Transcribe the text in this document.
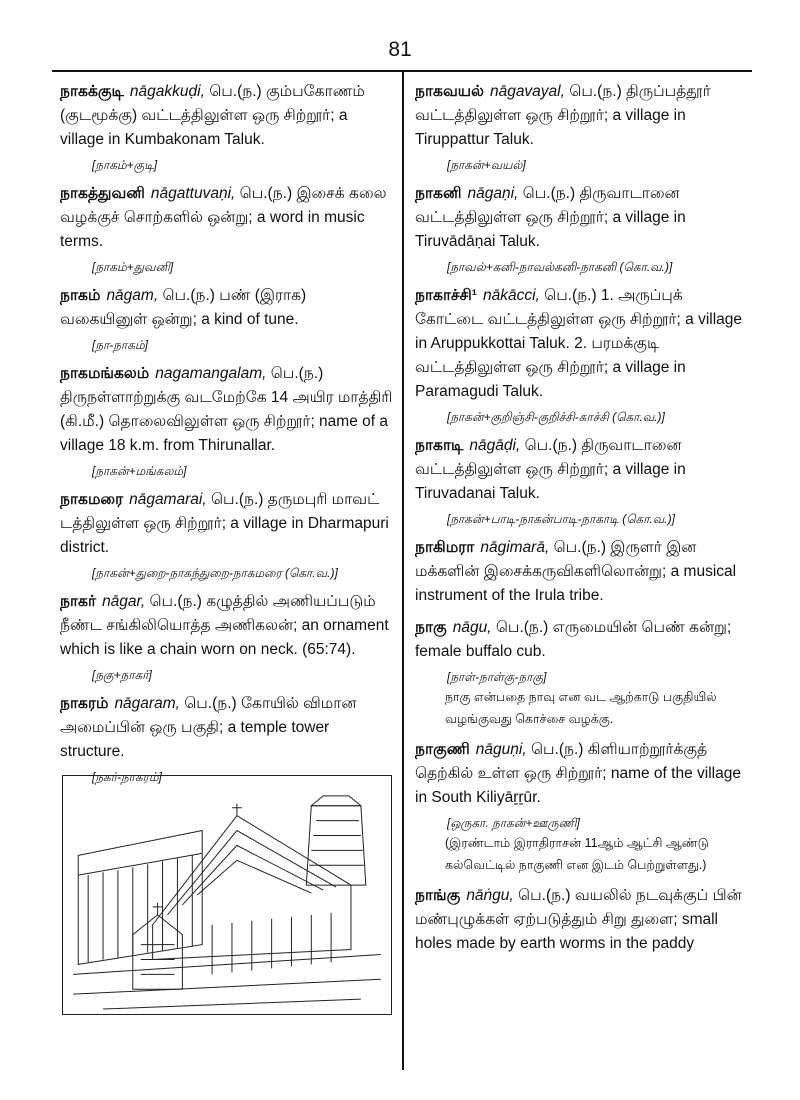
81
நாகக்குடி nāgakkuḍi, பெ.(ந.) கும்பகோணம் (குடமூக்கு) வட்டத்திலுள்ள ஒரு சிற்றூர்; a village in Kumbakonam Taluk.
[நாகம்+குடி]
நாகத்துவனி nāgattuvaṇi, பெ.(ந.) இசைக் கலை வழக்குச் சொற்களில் ஒன்று; a word in music terms.
[நாகம்+துவனி]
நாகம் nāgam, பெ.(ந.) பண் (இராக) வகையினுள் ஒன்று; a kind of tune.
[நா-நாகம்]
நாகமங்கலம் nagamangalam, பெ.(ந.) திருநள்ளாற்றுக்கு வடமேற்கே 14 அயிர மாத்திரி (கி.மீ.) தொலைவிலுள்ள ஒரு சிற்றூர்; name of a village 18 k.m. from Thirunallar.
[நாகன்+மங்கலம்]
நாகமரை nāgamarai, பெ.(ந.) தருமபுரி மாவட் டத்திலுள்ள ஒரு சிற்றூர்; a village in Dharmapuri district.
[நாகன்+துறை-நாகந்துறை-நாகமரை (கொ.வ.)]
நாகர் nāgar, பெ.(ந.) கழுத்தில் அணியப்படும் நீண்ட சங்கிலியொத்த அணிகலன்; an ornament which is like a chain worn on neck. (65:74).
[நகு+நாகர்]
நாகரம் nāgaram, பெ.(ந.) கோயில் விமான அமைப்பின் ஒரு பகுதி; a temple tower structure.
[நகர்-நாகரம்]
நாகவயல் nāgavayal, பெ.(ந.) திருப்பத்தூர் வட்டத்திலுள்ள ஒரு சிற்றூர்; a village in Tiruppattur Taluk.
[நாகன்+வயல்]
நாகனி nāgaṇi, பெ.(ந.) திருவாடானை வட்டத்திலுள்ள ஒரு சிற்றூர்; a village in Tiruvādāṇai Taluk.
[நாவல்+கனி-நாவல்கனி-நாகனி (கொ.வ.)]
நாகாச்சி¹ nākācci, பெ.(ந.) 1. அருப்புக் கோட்டை வட்டத்திலுள்ள ஒரு சிற்றூர்; a village in Aruppukkottai Taluk. 2. பரமக்குடி வட்டத்திலுள்ள ஒரு சிற்றூர்; a village in Paramagudi Taluk.
[நாகன்+குறிஞ்சி-குறிச்சி-காச்சி (கொ.வ.)]
நாகாடி nāgāḍi, பெ.(ந.) திருவாடானை வட்டத்திலுள்ள ஒரு சிற்றூர்; a village in Tiruvadanai Taluk.
[நாகன்+பாடி-நாகன்பாடி-நாகாடி (கொ.வ.)]
நாகிமரா nāgimarā, பெ.(ந.) இருளர் இன மக்களின் இசைக்கருவிகளிலொன்று; a musical instrument of the Irula tribe.
நாகு nāgu, பெ.(ந.) எருமையின் பெண் கன்று; female buffalo cub.
[நாள்-நாள்கு-நாகு]
நாகு என்பதை நாவு என வட ஆற்காடு பகுதியில் வழங்குவது கொச்சை வழக்கு.
நாகுணி nāguṇi, பெ.(ந.) கிளியாற்றூர்க்குத் தெற்கில் உள்ள ஒரு சிற்றூர்; name of the village in South Kiliyāṟṟūr.
[ஒருகா. நாகன்+ஊருணி]
(இரண்டாம் இராதிராசன் 11ஆம் ஆட்சி ஆண்டு கல்வெட்டில் நாகுணி என இடம் பெற்றுள்ளது.)
நாங்கு nāṅgu, பெ.(ந.) வயலில் நடவுக்குப் பின் மண்புழுக்கள் ஏற்படுத்தும் சிறு துளை; small holes made by earth worms in the paddy
